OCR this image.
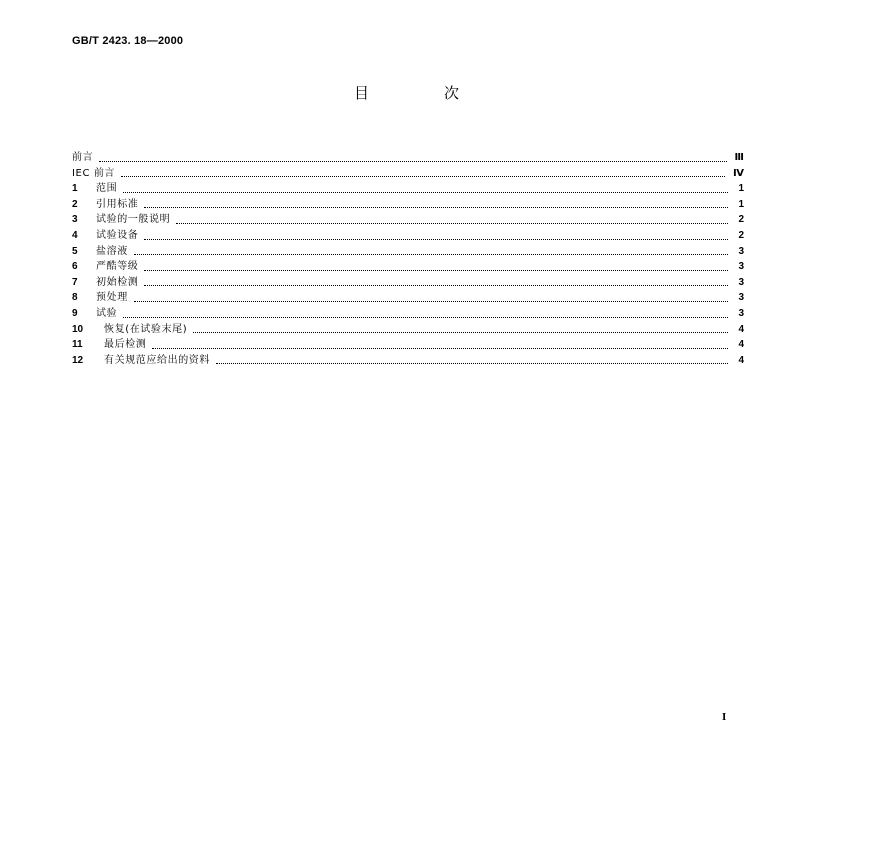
GB/T 2423. 18—2000
目	次
前言	Ⅲ
IEC 前言	Ⅳ
1	范围	1
2	引用标准	1
3	试验的一般说明	2
4	试验设备	2
5	盐溶液	3
6	严酷等级	3
7	初始检测	3
8	预处理	3
9	试验	3
10	恢复(在试验末尾)	4
11	最后检测	4
12	有关规范应给出的资料	4
I
